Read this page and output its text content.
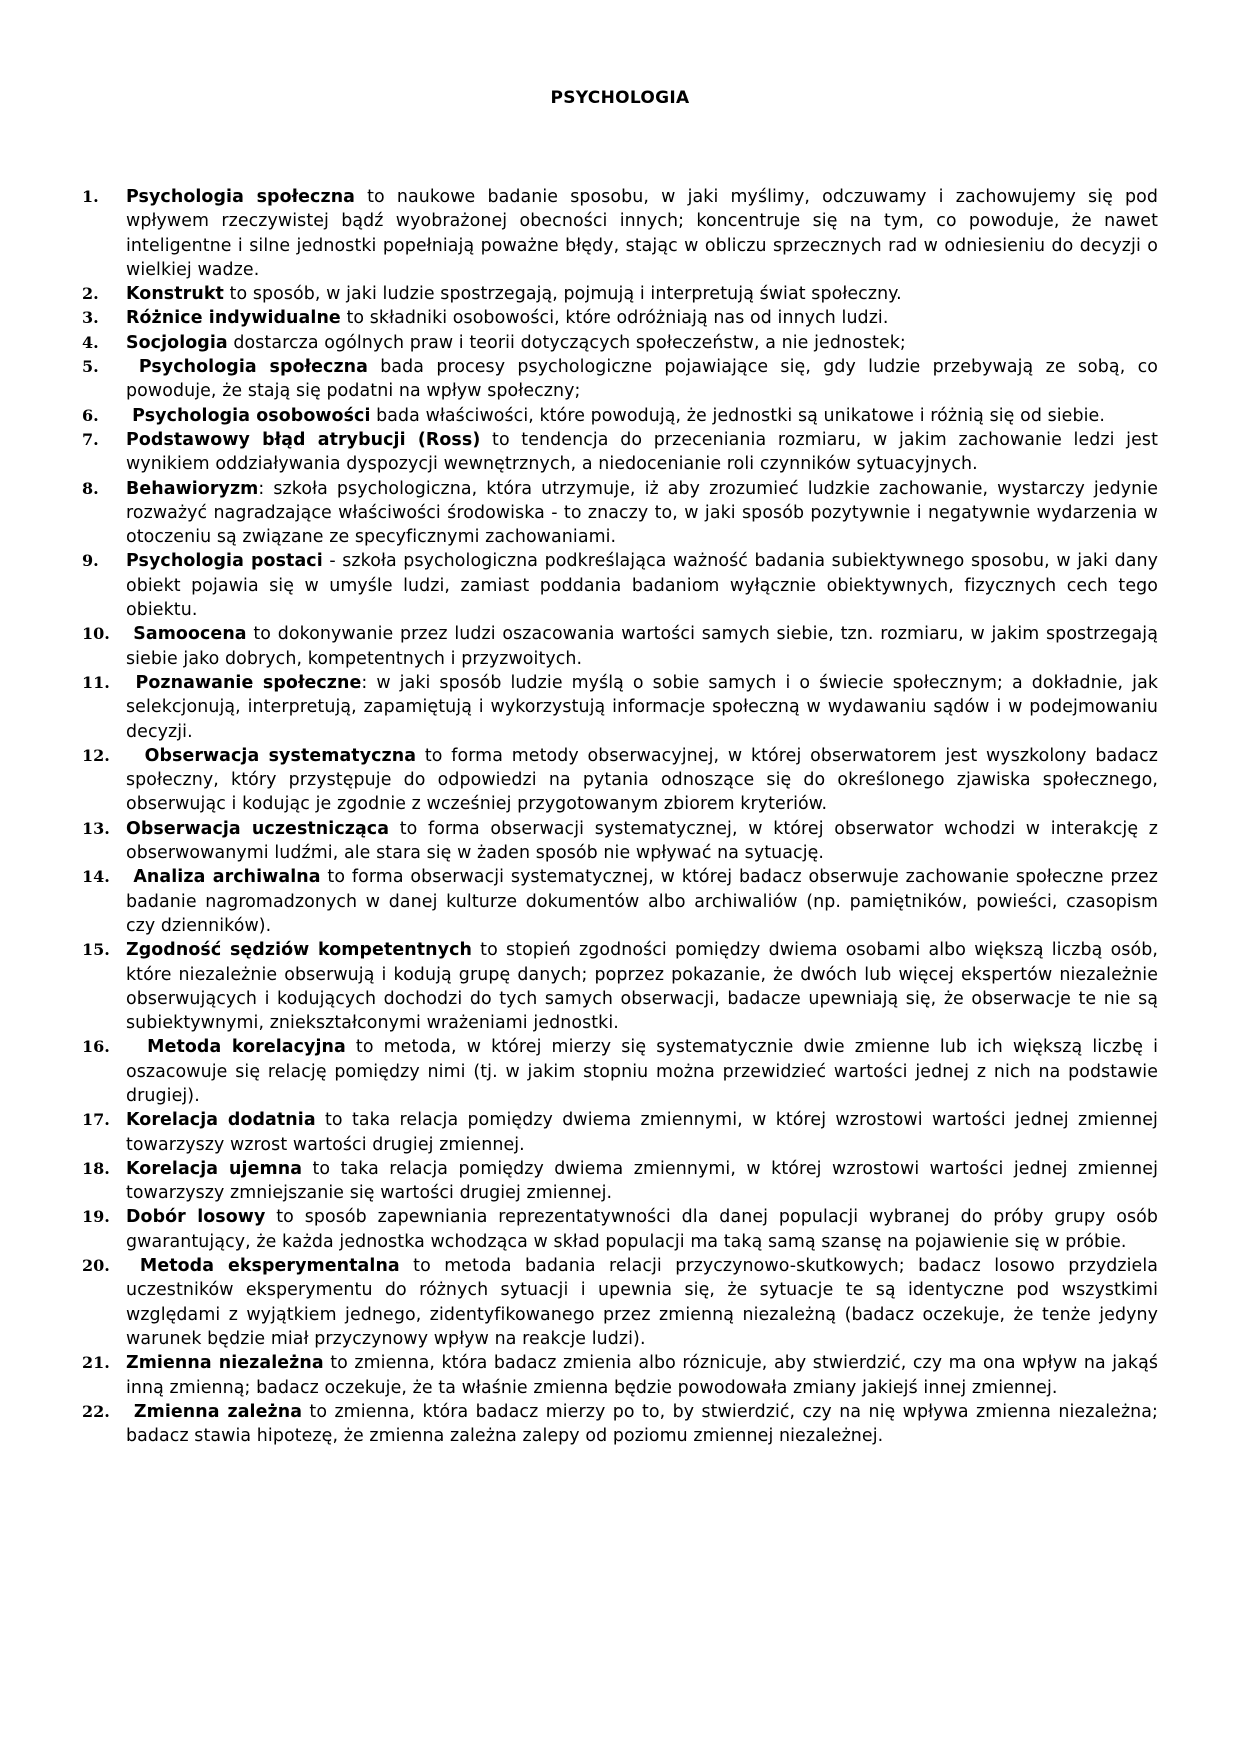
PSYCHOLOGIA
1.	Psychologia społeczna to naukowe badanie sposobu, w jaki myślimy, odczuwamy i zachowujemy się pod wpływem rzeczywistej bądź wyobrażonej obecności innych; koncentruje się na tym, co powoduje, że nawet inteligentne i silne jednostki popełniają poważne błędy, stając w obliczu sprzecznych rad w odniesieniu do decyzji o wielkiej wadze.
2.	Konstrukt to sposób, w jaki ludzie spostrzegają, pojmują i interpretują świat społeczny.
3.	Różnice indywidualne to składniki osobowości, które odróżniają nas od innych ludzi.
4.	Socjologia dostarcza ogólnych praw i teorii dotyczących społeczeństw, a nie jednostek;
5.	Psychologia społeczna bada procesy psychologiczne pojawiające się, gdy ludzie przebywają ze sobą, co powoduje, że stają się podatni na wpływ społeczny;
6.	Psychologia osobowości bada właściwości, które powodują, że jednostki są unikatowe i różnią się od siebie.
7.	Podstawowy błąd atrybucji (Ross) to tendencja do przeceniania rozmiaru, w jakim zachowanie ledzi jest wynikiem oddziaływania dyspozycji wewnętrznych, a niedocenianie roli czynników sytuacyjnych.
8.	Behawioryzm: szkoła psychologiczna, która utrzymuje, iż aby zrozumieć ludzkie zachowanie, wystarczy jedynie rozważyć nagradzające właściwości środowiska - to znaczy to, w jaki sposób pozytywnie i negatywnie wydarzenia w otoczeniu są związane ze specyficznymi zachowaniami.
9.	Psychologia postaci - szkoła psychologiczna podkreślająca ważność badania subiektywnego sposobu, w jaki dany obiekt pojawia się w umyśle ludzi, zamiast poddania badaniom wyłącznie obiektywnych, fizycznych cech tego obiektu.
10. Samoocena to dokonywanie przez ludzi oszacowania wartości samych siebie, tzn. rozmiaru, w jakim spostrzegają siebie jako dobrych, kompetentnych i przyzwoitych.
11. Poznawanie społeczne: w jaki sposób ludzie myślą o sobie samych i o świecie społecznym; a dokładnie, jak selekcjonują, interpretują, zapamiętują i wykorzystują informacje społeczną w wydawaniu sądów i w podejmowaniu decyzji.
12. Obserwacja systematyczna to forma metody obserwacyjnej, w której obserwatorem jest wyszkolony badacz społeczny, który przystępuje do odpowiedzi na pytania odnoszące się do określonego zjawiska społecznego, obserwując i kodując je zgodnie z wcześniej przygotowanym zbiorem kryteriów.
13. Obserwacja uczestnicząca to forma obserwacji systematycznej, w której obserwator wchodzi w interakcję z obserwowanymi ludźmi, ale stara się w żaden sposób nie wpływać na sytuację.
14. Analiza archiwalna to forma obserwacji systematycznej, w której badacz obserwuje zachowanie społeczne przez badanie nagromadzonych w danej kulturze dokumentów albo archiwaliów (np. pamiętników, powieści, czasopism czy dzienników).
15. Zgodność sędziów kompetentnych to stopień zgodności pomiędzy dwiema osobami albo większą liczbą osób, które niezależnie obserwują i kodują grupę danych; poprzez pokazanie, że dwóch lub więcej ekspertów niezależnie obserwujących i kodujących dochodzi do tych samych obserwacji, badacze upewniają się, że obserwacje te nie są subiektywnymi, zniekształconymi wrażeniami jednostki.
16. Metoda korelacyjna to metoda, w której mierzy się systematycznie dwie zmienne lub ich większą liczbę i oszacowuje się relację pomiędzy nimi (tj. w jakim stopniu można przewidzieć wartości jednej z nich na podstawie drugiej).
17. Korelacja dodatnia to taka relacja pomiędzy dwiema zmiennymi, w której wzrostowi wartości jednej zmiennej towarzyszy wzrost wartości drugiej zmiennej.
18. Korelacja ujemna to taka relacja pomiędzy dwiema zmiennymi, w której wzrostowi wartości jednej zmiennej towarzyszy zmniejszanie się wartości drugiej zmiennej.
19. Dobór losowy to sposób zapewniania reprezentatywności dla danej populacji wybranej do próby grupy osób gwarantujący, że każda jednostka wchodząca w skład populacji ma taką samą szansę na pojawienie się w próbie.
20. Metoda eksperymentalna to metoda badania relacji przyczynowo-skutkowych; badacz losowo przydziela uczestników eksperymentu do różnych sytuacji i upewnia się, że sytuacje te są identyczne pod wszystkimi względami z wyjątkiem jednego, zidentyfikowanego przez zmienną niezależną (badacz oczekuje, że tenże jedyny warunek będzie miał przyczynowy wpływ na reakcje ludzi).
21. Zmienna niezależna to zmienna, która badacz zmienia albo róznicuje, aby stwierdzić, czy ma ona wpływ na jakąś inną zmienną; badacz oczekuje, że ta właśnie zmienna będzie powodowała zmiany jakiejś innej zmiennej.
22. Zmienna zależna to zmienna, która badacz mierzy po to, by stwierdzić, czy na nię wpływa zmienna niezależna; badacz stawia hipotezę, że zmienna zależna zalepy od poziomu zmiennej niezależnej.
